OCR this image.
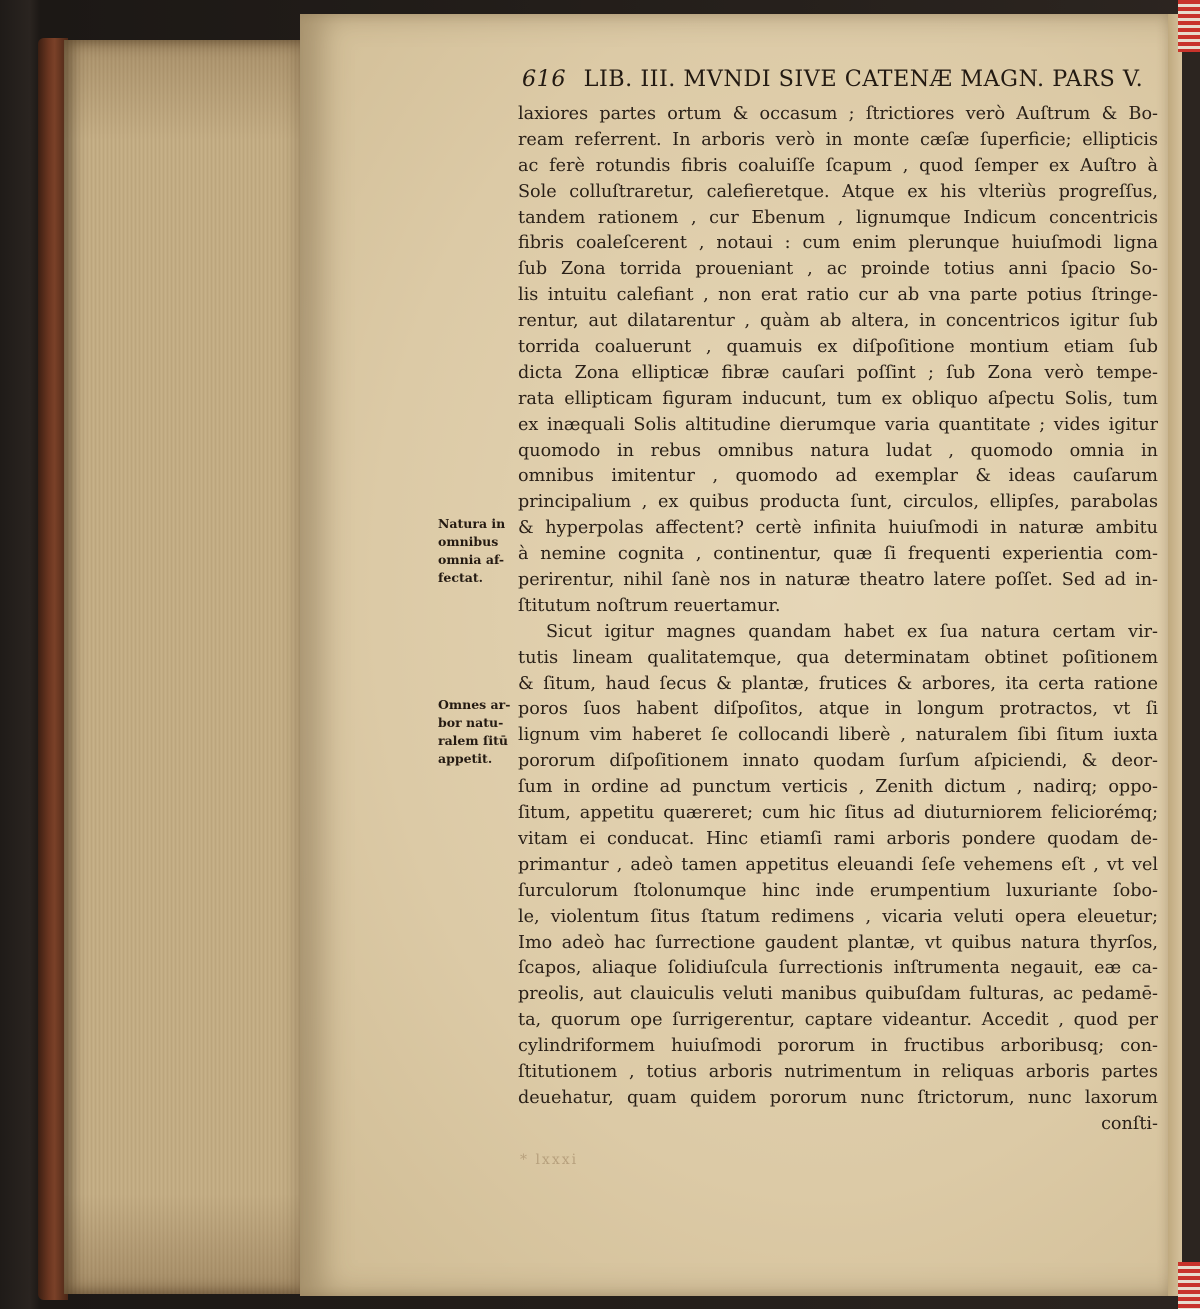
616 LIB. III. MVNDI SIVE CATENÆ MAGN. PARS V.
Natura in
omnibus
omnia af-
fectat.
Omnes ar-
bor natu-
ralem ſitū
appetit.
laxiores partes ortum & occasum ; ſtrictiores verò Auſtrum & Bo-
ream referrent. In arboris verò in monte cæſæ ſuperficie; ellipticis
ac ferè rotundis fibris coaluiſſe ſcapum , quod ſemper ex Auſtro à
Sole colluſtraretur, calefieretque. Atque ex his vlteriùs progreſſus,
tandem rationem , cur Ebenum , lignumque Indicum concentricis
fibris coaleſcerent , notaui : cum enim plerunque huiuſmodi ligna
ſub Zona torrida proueniant , ac proinde totius anni ſpacio So-
lis intuitu calefiant , non erat ratio cur ab vna parte potius ſtringe-
rentur, aut dilatarentur , quàm ab altera, in concentricos igitur ſub
torrida coaluerunt , quamuis ex diſpoſitione montium etiam ſub
dicta Zona ellipticæ fibræ cauſari poſſint ; ſub Zona verò tempe-
rata ellipticam figuram inducunt, tum ex obliquo aſpectu Solis, tum
ex inæquali Solis altitudine dierumque varia quantitate ; vides igitur
quomodo in rebus omnibus natura ludat , quomodo omnia in
omnibus imitentur , quomodo ad exemplar & ideas cauſarum
principalium , ex quibus producta ſunt, circulos, ellipſes, parabolas
& hyperpolas affectent? certè infinita huiuſmodi in naturæ ambitu
à nemine cognita , continentur, quæ ſi frequenti experientia com-
perirentur, nihil ſanè nos in naturæ theatro latere poſſet. Sed ad in-
ſtitutum noſtrum reuertamur.
Sicut igitur magnes quandam habet ex ſua natura certam vir-
tutis lineam qualitatemque, qua determinatam obtinet poſitionem
& ſitum, haud ſecus & plantæ, frutices & arbores, ita certa ratione
poros ſuos habent diſpoſitos, atque in longum protractos, vt ſi
lignum vim haberet ſe collocandi liberè , naturalem ſibi ſitum iuxta
pororum diſpoſitionem innato quodam ſurſum aſpiciendi, & deor-
ſum in ordine ad punctum verticis , Zenith dictum , nadirq; oppo-
ſitum, appetitu quæreret; cum hic ſitus ad diuturniorem feliciorémq;
vitam ei conducat. Hinc etiamſi rami arboris pondere quodam de-
primantur , adeò tamen appetitus eleuandi ſeſe vehemens eſt , vt vel
ſurculorum ſtolonumque hinc inde erumpentium luxuriante ſobo-
le, violentum ſitus ſtatum redimens , vicaria veluti opera eleuetur;
Imo adeò hac ſurrectione gaudent plantæ, vt quibus natura thyrſos,
ſcapos, aliaque ſolidiuſcula ſurrectionis inſtrumenta negauit, eæ ca-
preolis, aut clauiculis veluti manibus quibuſdam fulturas, ac pedamē-
ta, quorum ope ſurrigerentur, captare videantur. Accedit , quod per
cylindriformem huiuſmodi pororum in fructibus arboribusq; con-
ſtitutionem , totius arboris nutrimentum in reliquas arboris partes
deuehatur, quam quidem pororum nunc ſtrictorum, nunc laxorum
conſti-
* lxxxi
